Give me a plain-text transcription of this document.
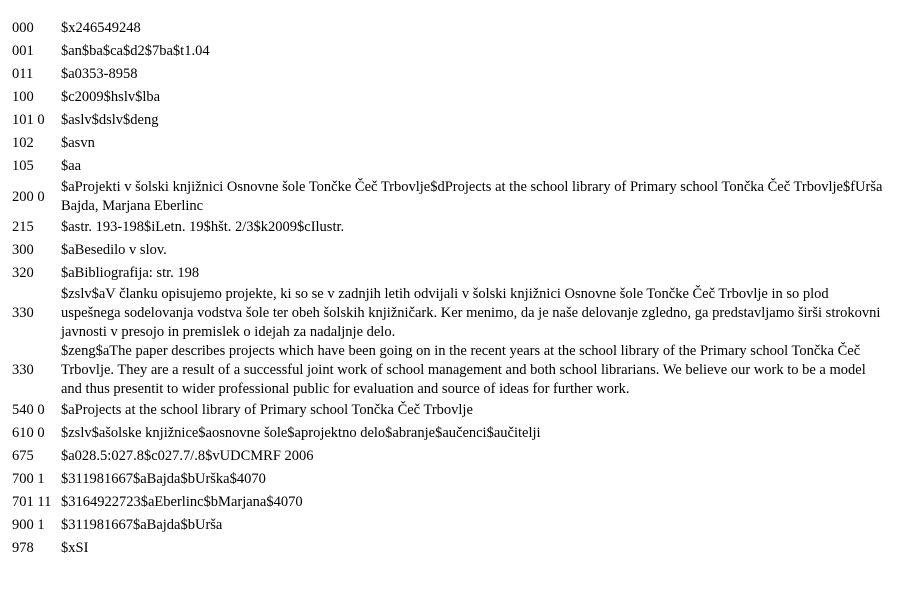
000	$x246549248
001	$an$ba$ca$d2$7ba$t1.04
011	$a0353-8958
100	$c2009$hslv$lba
101 0	$aslv$dslv$deng
102	$asvn
105	$aa
200 0	$aProjekti v šolski knjižnici Osnovne šole Tončke Čeč Trbovlje$dProjects at the school library of Primary school Tončka Čeč Trbovlje$fUrša Bajda, Marjana Eberlinc
215	$astr. 193-198$iLetn. 19$hšt. 2/3$k2009$cIlustr.
300	$aBesedilo v slov.
320	$aBibliografija: str. 198
330	$zslv$aV članku opisujemo projekte, ki so se v zadnjih letih odvijali v šolski knjižnici Osnovne šole Tončke Čeč Trbovlje in so plod uspešnega sodelovanja vodstva šole ter obeh šolskih knjižničark. Ker menimo, da je naše delovanje zgledno, ga predstavljamo širši strokovni javnosti v presojo in premislek o idejah za nadaljnje delo.
330	$zeng$aThe paper describes projects which have been going on in the recent years at the school library of the Primary school Tončka Čeč Trbovlje. They are a result of a successful joint work of school management and both school librarians. We believe our work to be a model and thus presentit to wider professional public for evaluation and source of ideas for further work.
540 0	$aProjects at the school library of Primary school Tončka Čeč Trbovlje
610 0	$zslv$ašolske knjižnice$aosnovne šole$aprojektno delo$abranje$aučenci$aučitelji
675	$a028.5:027.8$c027.7/.8$vUDCMRF 2006
700 1	$311981667$aBajda$bUrška$4070
701 11	$3164922723$aEberlinc$bMarjana$4070
900 1	$311981667$aBajda$bUrša
978	$xSI
